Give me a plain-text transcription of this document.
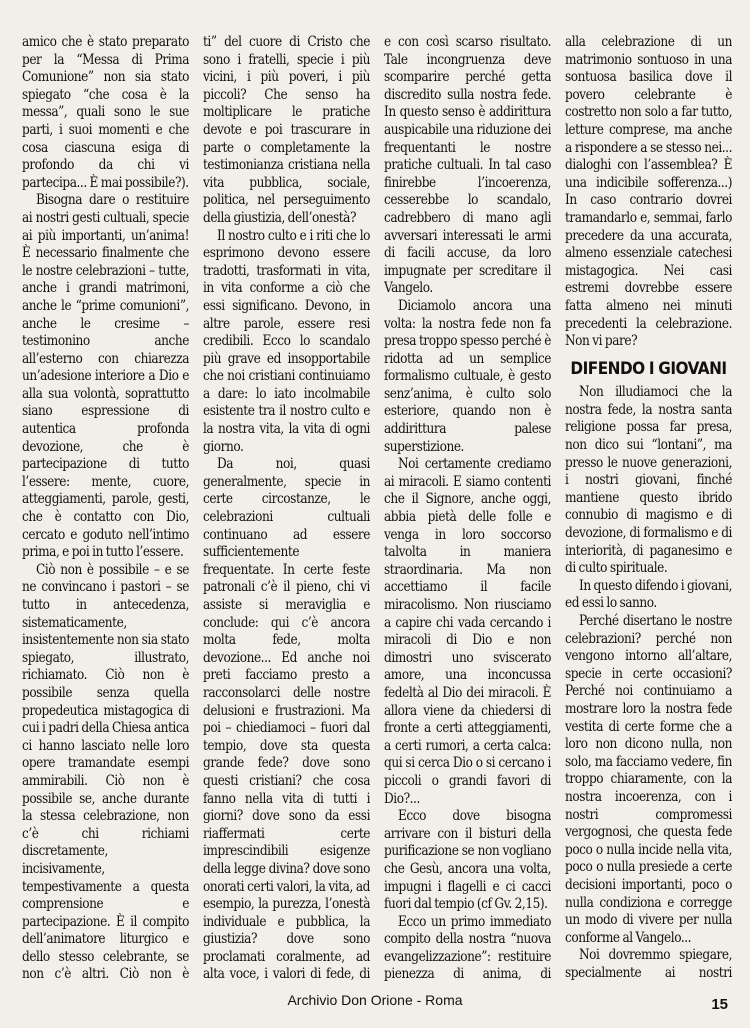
amico che è stato preparato per la “Messa di Prima Comunione” non sia stato spiegato “che cosa è la messa”, quali sono le sue parti, i suoi momenti e che cosa ciascuna esiga di profondo da chi vi partecipa... È mai possibile?).

Bisogna dare o restituire ai nostri gesti cultuali, specie ai più importanti, un’anima! È necessario finalmente che le nostre celebrazioni – tutte, anche i grandi matrimoni, anche le “prime comunioni”, anche le cresime – testimonino anche all’esterno con chiarezza un’adesione interiore a Dio e alla sua volontà, soprattutto siano espressione di autentica profonda devozione, che è partecipazione di tutto l’essere: mente, cuore, atteggiamenti, parole, gesti, che è contatto con Dio, cercato e goduto nell’intimo prima, e poi in tutto l’essere.

Ciò non è possibile – e se ne convincano i pastori – se tutto in antecedenza, sistematicamente, insistentemente non sia stato spiegato, illustrato, richiamato. Ciò non è possibile senza quella propedeutica mistagogica di cui i padri della Chiesa antica ci hanno lasciato nelle loro opere tramandate esempi ammirabili. Ciò non è possibile se, anche durante la stessa celebrazione, non c’è chi richiami discretamente, incisivamente, tempestivamente a questa comprensione e partecipazione. È il compito dell’animatore liturgico e dello stesso celebrante, se non c’è altri. Ciò non è

ti” del cuore di Cristo che sono i fratelli, specie i più vicini, i più poveri, i più piccoli? Che senso ha moltiplicare le pratiche devote e poi trascurare in parte o completamente la testimonianza cristiana nella vita pubblica, sociale, politica, nel perseguimento della giustizia, dell’onestà?

Il nostro culto e i riti che lo esprimono devono essere tradotti, trasformati in vita, in vita conforme a ciò che essi significano. Devono, in altre parole, essere resi credibili. Ecco lo scandalo più grave ed insopportabile che noi cristiani continuiamo a dare: lo iato incolmabile esistente tra il nostro culto e la nostra vita, la vita di ogni giorno.

Da noi, quasi generalmente, specie in certe circostanze, le celebrazioni cultuali continuano ad essere sufficientemente frequentate. In certe feste patronali c’è il pieno, chi vi assiste si meraviglia e conclude: qui c’è ancora molta fede, molta devozione... Ed anche noi preti facciamo presto a racconsolarci delle nostre delusioni e frustrazioni. Ma poi – chiediamoci – fuori dal tempio, dove sta questa grande fede? dove sono questi cristiani? che cosa fanno nella vita di tutti i giorni? dove sono da essi riaffermati certe imprescindibili esigenze della legge divina? dove sono onorati certi valori, la vita, ad esempio, la purezza, l’onestà individuale e pubblica, la giustizia? dove sono proclamati coralmente, ad alta voce, i valori di fede, di

e con così scarso risultato. Tale incongruenza deve scomparire perché getta discredito sulla nostra fede. In questo senso è addirittura auspicabile una riduzione dei frequentanti le nostre pratiche cultuali. In tal caso finirebbe l’incoerenza, cesserebbe lo scandalo, cadrebbero di mano agli avversari interessati le armi di facili accuse, da loro impugnate per screditare il Vangelo.

Diciamolo ancora una volta: la nostra fede non fa presa troppo spesso perché è ridotta ad un semplice formalismo cultuale, è gesto senz’anima, è culto solo esteriore, quando non è addirittura palese superstizione.

Noi certamente crediamo ai miracoli. E siamo contenti che il Signore, anche oggi, abbia pietà delle folle e venga in loro soccorso talvolta in maniera straordinaria. Ma non accettiamo il facile miracolismo. Non riusciamo a capire chi vada cercando i miracoli di Dio e non dimostri uno sviscerato amore, una inconcussa fedeltà al Dio dei miracoli. È allora viene da chiedersi di fronte a certi atteggiamenti, a certi rumori, a certa calca: qui si cerca Dio o si cercano i piccoli o grandi favori di Dio?...

Ecco dove bisogna arrivare con il bisturi della purificazione se non vogliano che Gesù, ancora una volta, impugni i flagelli e ci cacci fuori dal tempio (cf Gv. 2,15).

Ecco un primo immediato compito della nostra “nuova evangelizzazione”: restituire pienezza di anima, di

alla celebrazione di un matrimonio sontuoso in una sontuosa basilica dove il povero celebrante è costretto non solo a far tutto, letture comprese, ma anche a rispondere a se stesso nei... dialoghi con l’assemblea? È una indicibile sofferenza...) In caso contrario dovrei tramandarlo e, semmai, farlo precedere da una accurata, almeno essenziale catechesi mistagogica. Nei casi estremi dovrebbe essere fatta almeno nei minuti precedenti la celebrazione. Non vi pare?

DIFENDO I GIOVANI

Non illudiamoci che la nostra fede, la nostra santa religione possa far presa, non dico sui “lontani”, ma presso le nuove generazioni, i nostri giovani, finché mantiene questo ibrido connubio di magismo e di devozione, di formalismo e di interiorità, di paganesimo e di culto spirituale.

In questo difendo i giovani, ed essi lo sanno.

Perché disertano le nostre celebrazioni? perché non vengono intorno all’altare, specie in certe occasioni? Perché noi continuiamo a mostrare loro la nostra fede vestita di certe forme che a loro non dicono nulla, non solo, ma facciamo vedere, fin troppo chiaramente, con la nostra incoerenza, con i nostri compromessi vergognosi, che questa fede poco o nulla incide nella vita, poco o nulla presiede a certe decisioni importanti, poco o nulla condiziona e corregge un modo di vivere per nulla conforme al Vangelo...

Noi dovremmo spiegare, specialmente ai nostri

Archivio Don Orione - Roma	15
